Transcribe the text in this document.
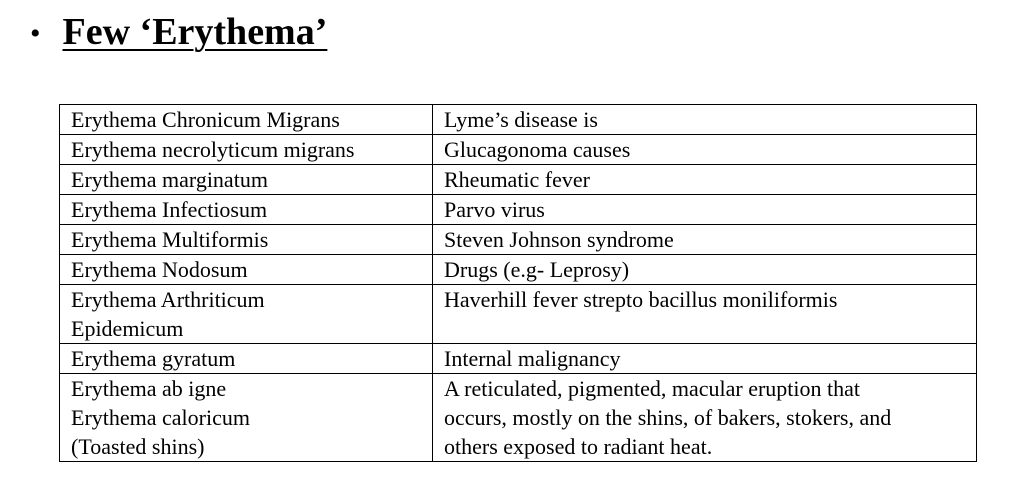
• Few ‘Erythema’
Erythema Chronicum Migrans	Lyme’s disease is

Erythema necrolyticum migrans	Glucagonoma causes

Erythema marginatum	Rheumatic fever

Erythema Infectiosum	Parvo virus

Erythema Multiformis	Steven Johnson syndrome

Erythema Nodosum	Drugs (e.g- Leprosy)

Erythema Arthriticum
Epidemicum	Haverhill fever strepto bacillus moniliformis

Erythema gyratum	Internal malignancy

Erythema ab igne
Erythema caloricum
(Toasted shins)	A reticulated, pigmented, macular eruption that
occurs, mostly on the shins, of bakers, stokers, and
others exposed to radiant heat.
